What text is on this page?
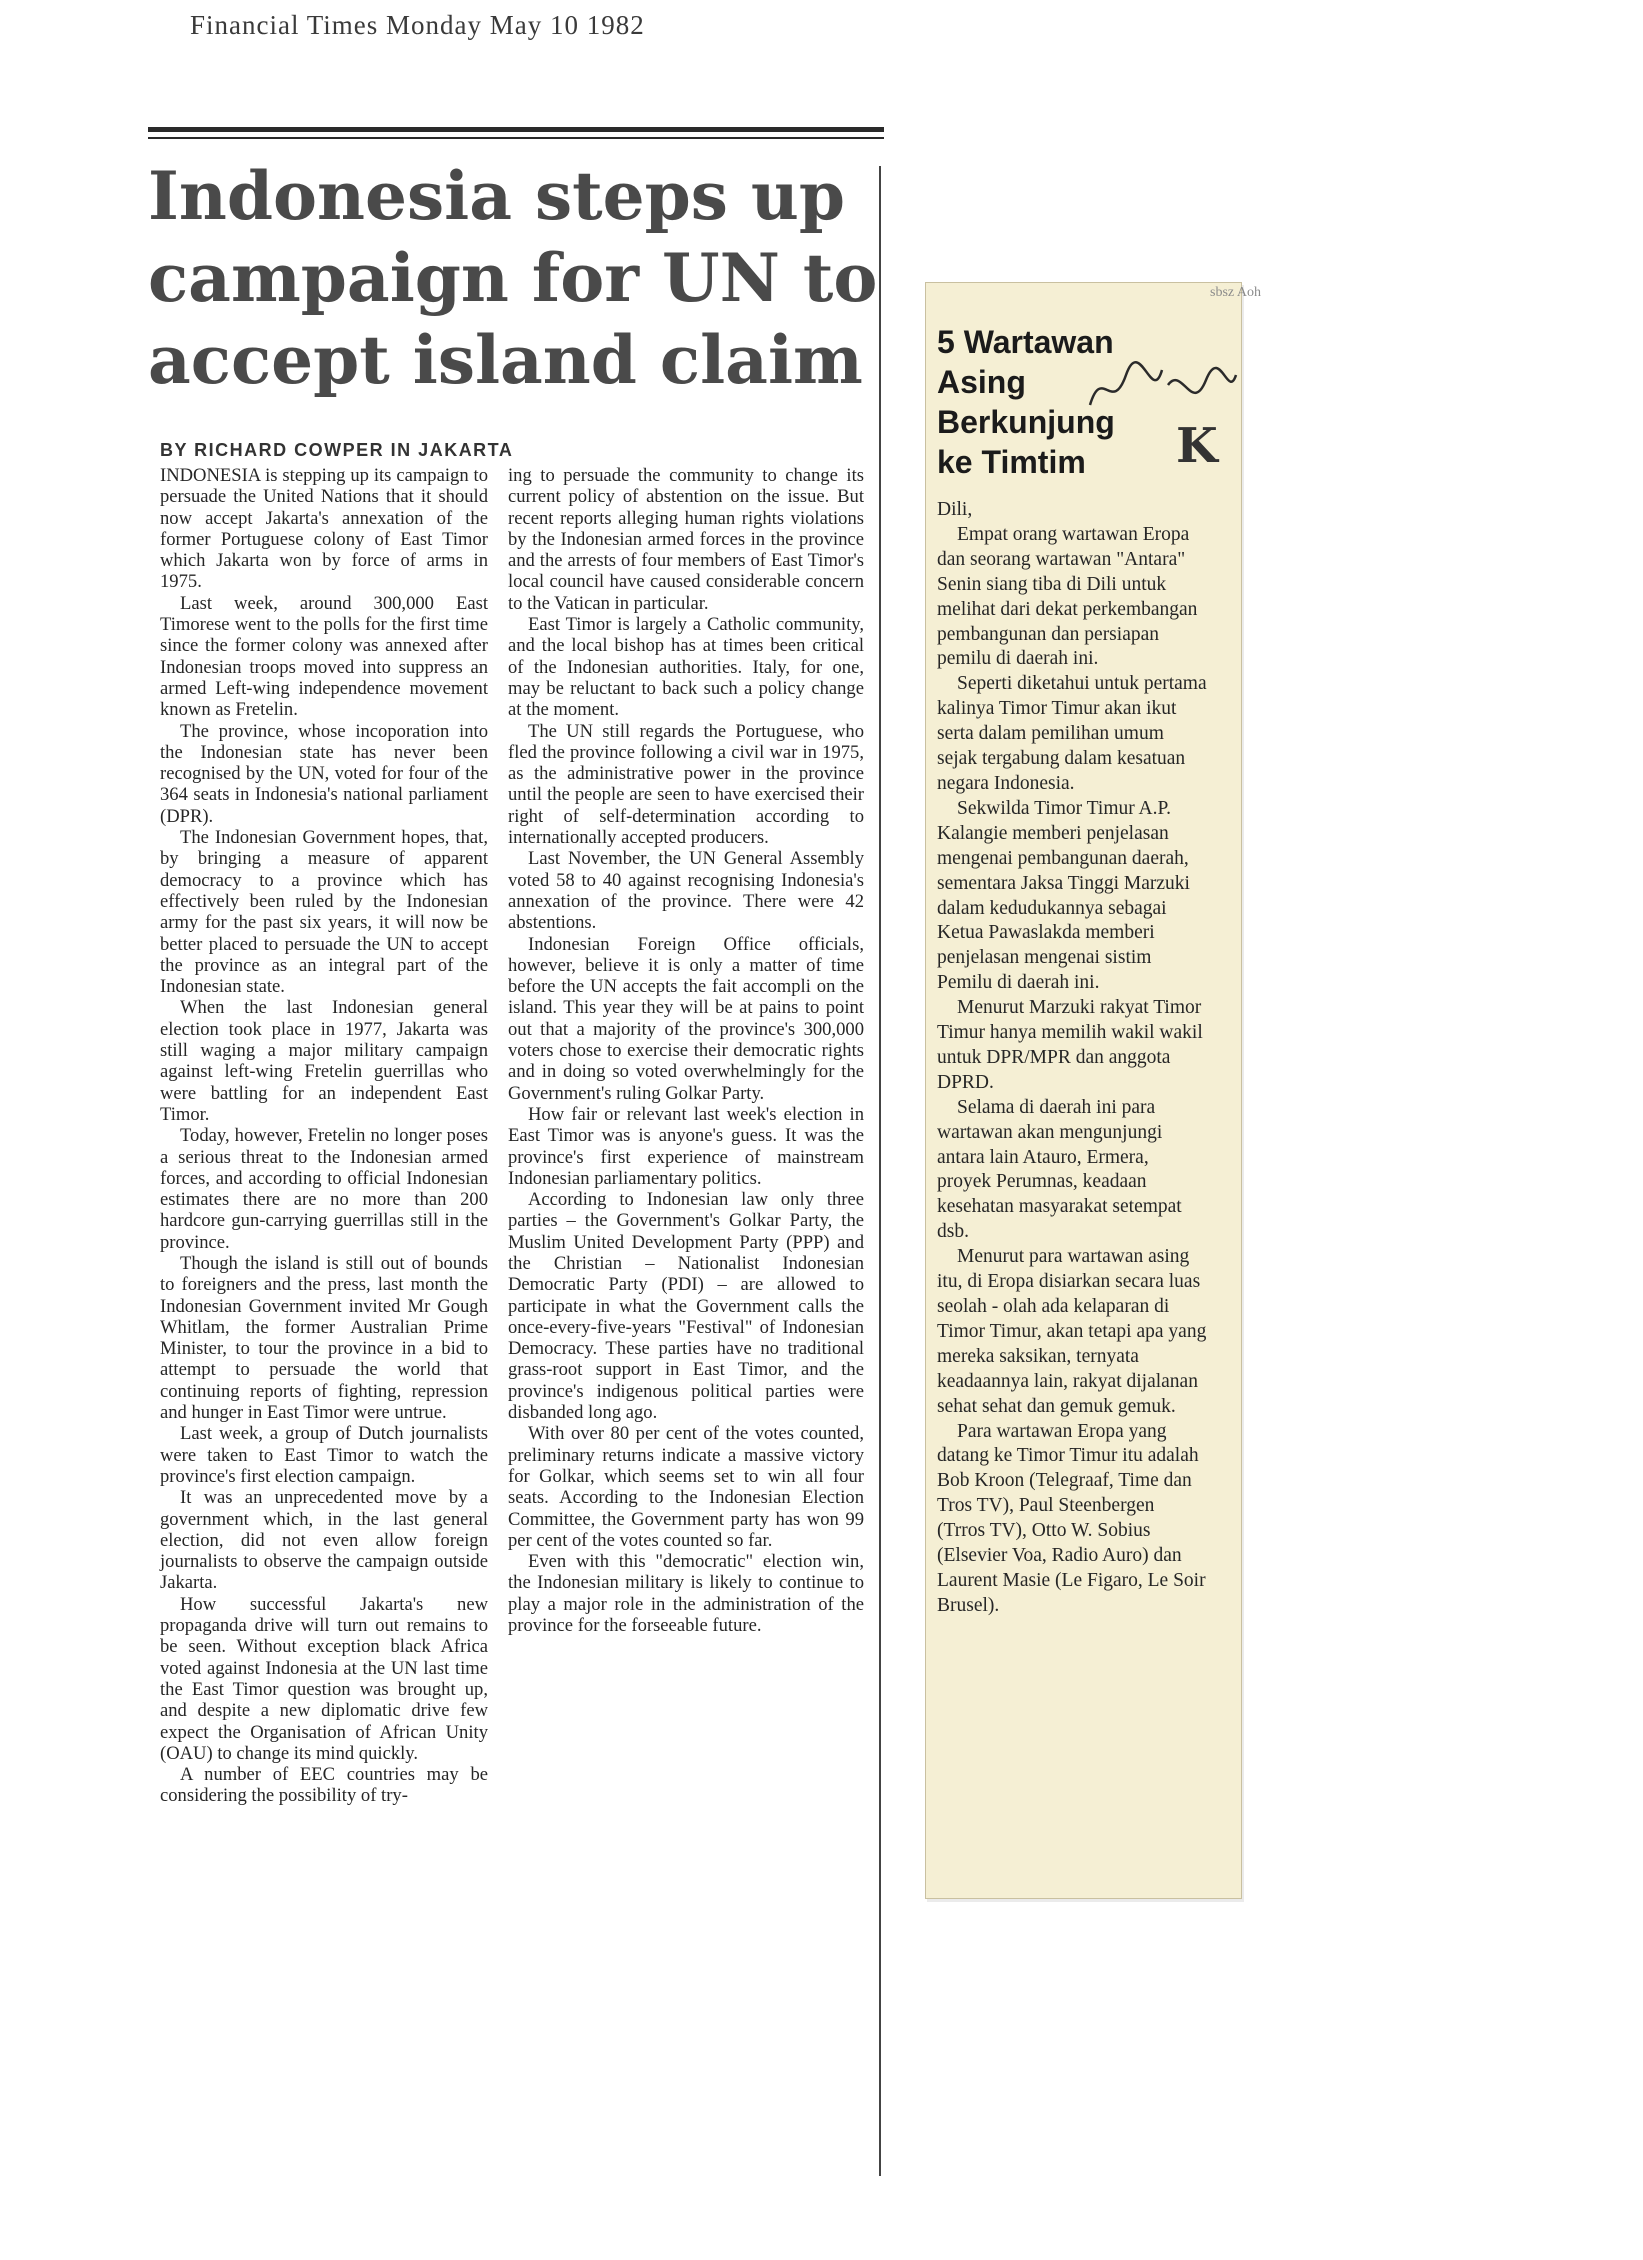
Financial Times Monday May 10 1982
Indonesia steps up campaign for UN to accept island claim
BY RICHARD COWPER IN JAKARTA

INDONESIA is stepping up its campaign to persuade the United Nations that it should now accept Jakarta's annexation of the former Portuguese colony of East Timor which Jakarta won by force of arms in 1975.

Last week, around 300,000 East Timorese went to the polls for the first time since the former colony was annexed after Indonesian troops moved into suppress an armed Left-wing independence movement known as Fretelin.

The province, whose incoporation into the Indonesian state has never been recognised by the UN, voted for four of the 364 seats in Indonesia's national parliament (DPR).

The Indonesian Government hopes, that, by bringing a measure of apparent democracy to a province which has effectively been ruled by the Indonesian army for the past six years, it will now be better placed to persuade the UN to accept the province as an integral part of the Indonesian state.

When the last Indonesian general election took place in 1977, Jakarta was still waging a major military campaign against left-wing Fretelin guerrillas who were battling for an independent East Timor.

Today, however, Fretelin no longer poses a serious threat to the Indonesian armed forces, and according to official Indonesian estimates there are no more than 200 hardcore gun-carrying guerrillas still in the province.

Though the island is still out of bounds to foreigners and the press, last month the Indonesian Government invited Mr Gough Whitlam, the former Australian Prime Minister, to tour the province in a bid to attempt to persuade the world that continuing reports of fighting, repression and hunger in East Timor were untrue.

Last week, a group of Dutch journalists were taken to East Timor to watch the province's first election campaign.

It was an unprecedented move by a government which, in the last general election, did not even allow foreign journalists to observe the campaign outside Jakarta.

How successful Jakarta's new propaganda drive will turn out remains to be seen. Without exception black Africa voted against Indonesia at the UN last time the East Timor question was brought up, and despite a new diplomatic drive few expect the Organisation of African Unity (OAU) to change its mind quickly.

A number of EEC countries may be considering the possibility of try-

ing to persuade the community to change its current policy of abstention on the issue. But recent reports alleging human rights violations by the Indonesian armed forces in the province and the arrests of four members of East Timor's local council have caused considerable concern to the Vatican in particular.

East Timor is largely a Catholic community, and the local bishop has at times been critical of the Indonesian authorities. Italy, for one, may be reluctant to back such a policy change at the moment.

The UN still regards the Portuguese, who fled the province following a civil war in 1975, as the administrative power in the province until the people are seen to have exercised their right of self-determination according to internationally accepted producers.

Last November, the UN General Assembly voted 58 to 40 against recognising Indonesia's annexation of the province. There were 42 abstentions.

Indonesian Foreign Office officials, however, believe it is only a matter of time before the UN accepts the fait accompli on the island. This year they will be at pains to point out that a majority of the province's 300,000 voters chose to exercise their democratic rights and in doing so voted overwhelmingly for the Government's ruling Golkar Party.

How fair or relevant last week's election in East Timor was is anyone's guess. It was the province's first experience of mainstream Indonesian parliamentary politics.

According to Indonesian law only three parties – the Government's Golkar Party, the Muslim United Development Party (PPP) and the Christian – Nationalist Indonesian Democratic Party (PDI) – are allowed to participate in what the Government calls the once-every-five-years "Festival" of Indonesian Democracy. These parties have no traditional grass-root support in East Timor, and the province's indigenous political parties were disbanded long ago.

With over 80 per cent of the votes counted, preliminary returns indicate a massive victory for Golkar, which seems set to win all four seats. According to the Indonesian Election Committee, the Government party has won 99 per cent of the votes counted so far.

Even with this "democratic" election win, the Indonesian military is likely to continue to play a major role in the administration of the province for the forseeable future.

sbsz Aoh
5 Wartawan Asing Berkunjung ke Timtim	K

Dili,

Empat orang wartawan Eropa dan seorang wartawan "Antara" Senin siang tiba di Dili untuk melihat dari dekat perkembangan pembangunan dan persiapan pemilu di daerah ini.

Seperti diketahui untuk pertama kalinya Timor Timur akan ikut serta dalam pemilihan umum sejak tergabung dalam kesatuan negara Indonesia.

Sekwilda Timor Timur A.P. Kalangie memberi penjelasan mengenai pembangunan daerah, sementara Jaksa Tinggi Marzuki dalam kedudukannya sebagai Ketua Pawaslakda memberi penjelasan mengenai sistim Pemilu di daerah ini.

Menurut Marzuki rakyat Timor Timur hanya memilih wakil wakil untuk DPR/MPR dan anggota DPRD.

Selama di daerah ini para wartawan akan mengunjungi antara lain Atauro, Ermera, proyek Perumnas, keadaan kesehatan masyarakat setempat dsb.

Menurut para wartawan asing itu, di Eropa disiarkan secara luas seolah - olah ada kelaparan di Timor Timur, akan tetapi apa yang mereka saksikan, ternyata keadaannya lain, rakyat dijalanan sehat sehat dan gemuk gemuk.

Para wartawan Eropa yang datang ke Timor Timur itu adalah Bob Kroon (Telegraaf, Time dan Tros TV), Paul Steenbergen (Trros TV), Otto W. Sobius (Elsevier Voa, Radio Auro) dan Laurent Masie (Le Figaro, Le Soir Brusel).
